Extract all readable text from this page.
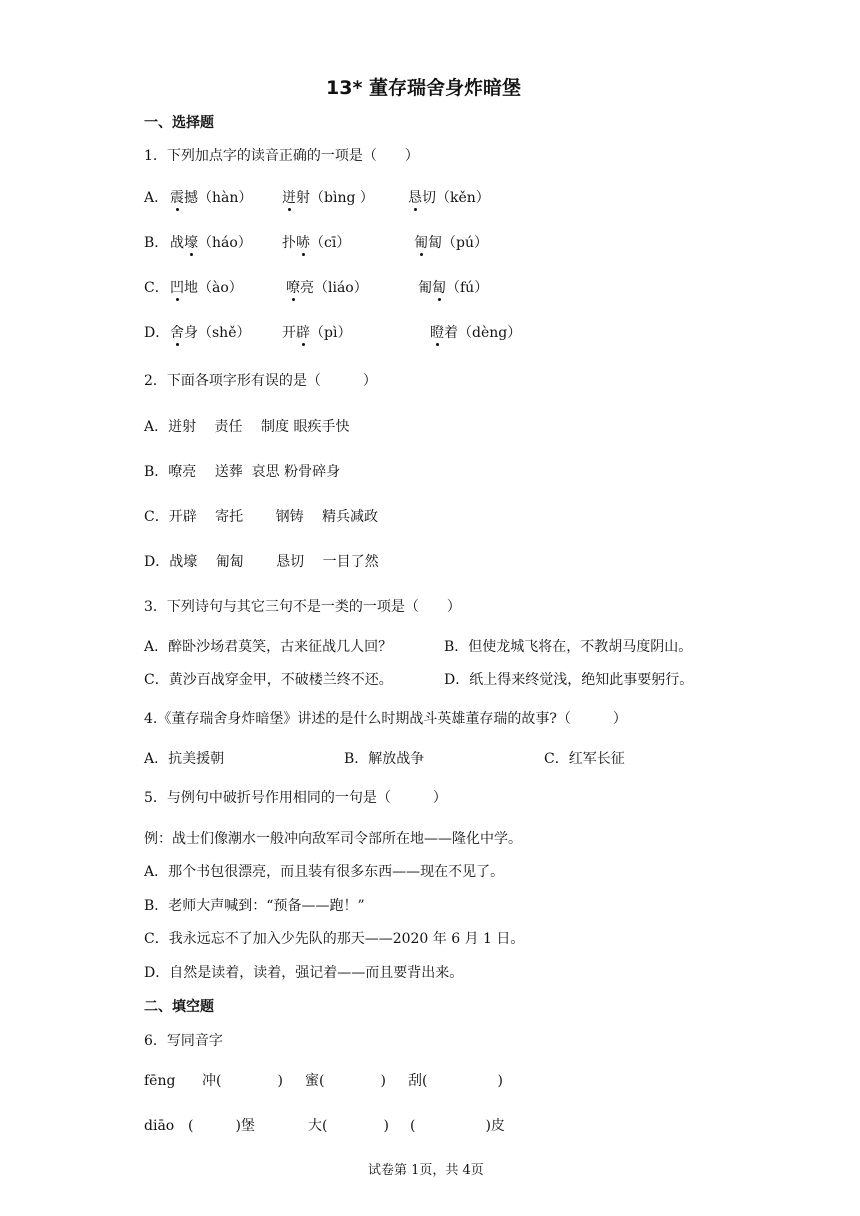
13* 董存瑞舍身炸暗堡
一、选择题
1．下列加点字的读音正确的一项是（　　）
A． 震撼（hàn） 迸射（bìng ） 恳切（kěn）
B． 战壕（háo） 扑哧（cī）	匍匐（pú）
C． 凹地（ào）	嘹亮（liáo）	匍匐（fú）
D． 舍身（shě） 开辟（pì）	瞪着（dèng）
2．下面各项字形有误的是（　　　）
A．迸射　 责任　 制度 眼疾手快
B．嘹亮　 送葬  哀思 粉骨碎身
C．开辟　 寄托　　 钢铸　 精兵减政
D．战壕　 匍匐　　 恳切　 一目了然
3．下列诗句与其它三句不是一类的一项是（　　）
A．醉卧沙场君莫笑，古来征战几人回？	B．但使龙城飞将在，不教胡马度阴山。
C．黄沙百战穿金甲，不破楼兰终不还。	D．纸上得来终觉浅，绝知此事要躬行。
4.《董存瑞舍身炸暗堡》讲述的是什么时期战斗英雄董存瑞的故事?（　　　）
A．抗美援朝	B．解放战争	C．红军长征
5．与例句中破折号作用相同的一句是（　　　）
例：战士们像潮水一般冲向敌军司令部所在地——隆化中学。
A．那个书包很漂亮，而且装有很多东西——现在不见了。
B．老师大声喊到：“预备——跑！”
C．我永远忘不了加入少先队的那天——2020 年 6 月 1 日。
D．自然是读着，读着，强记着——而且要背出来。
二、填空题
6．写同音字
fēng 冲(　　　　) 蜜(　　　　) 刮(　　　　　)
diāo (　　　)堡	大(　　　　) (　　　　　)皮
试卷第 1页，共 4页
